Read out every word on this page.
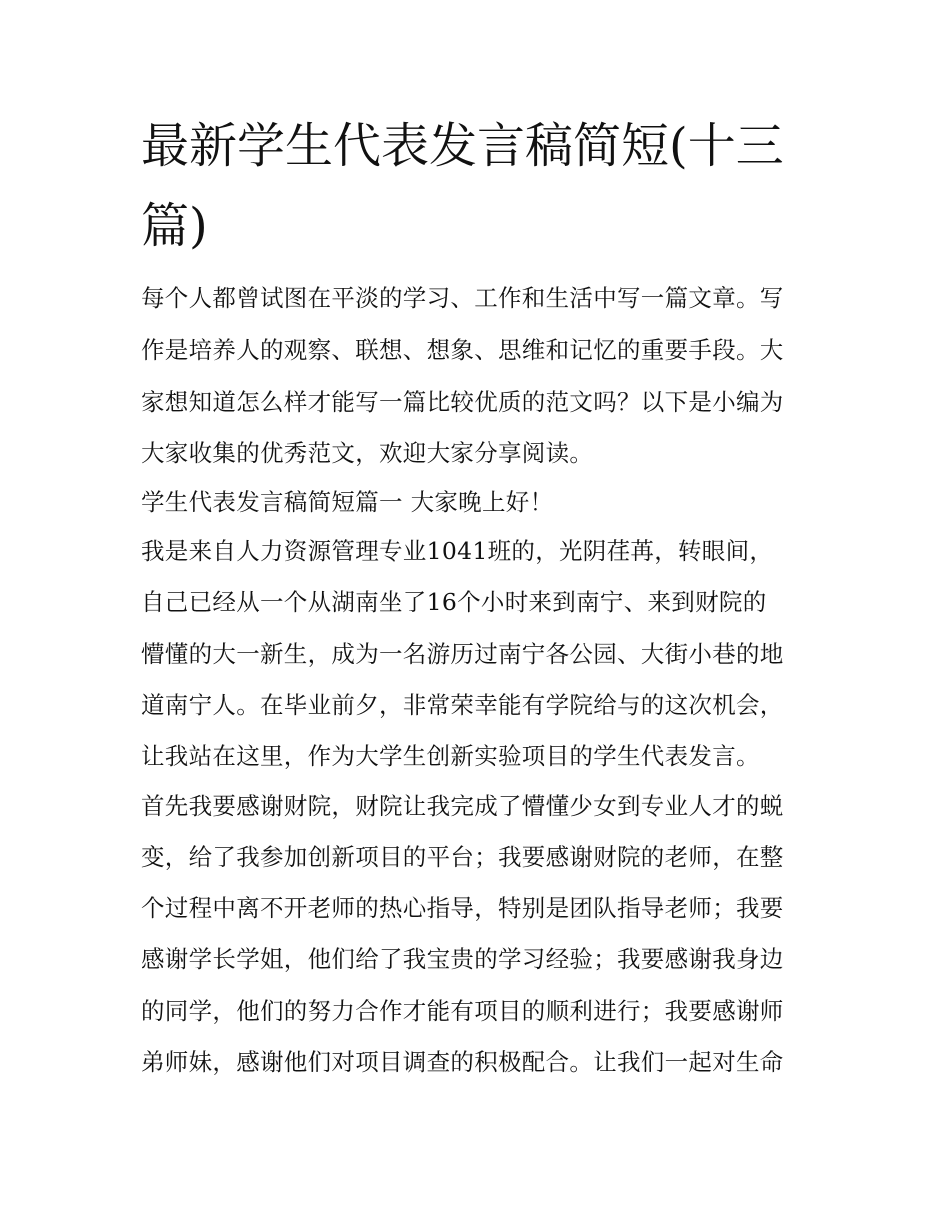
最新学生代表发言稿简短(十三
篇)
每个人都曾试图在平淡的学习、工作和生活中写一篇文章。写
作是培养人的观察、联想、想象、思维和记忆的重要手段。大
家想知道怎么样才能写一篇比较优质的范文吗？以下是小编为
大家收集的优秀范文，欢迎大家分享阅读。
学生代表发言稿简短篇一 大家晚上好！
我是来自人力资源管理专业1041班的，光阴荏苒，转眼间，
自己已经从一个从湖南坐了16个小时来到南宁、来到财院的
懵懂的大一新生，成为一名游历过南宁各公园、大街小巷的地
道南宁人。在毕业前夕，非常荣幸能有学院给与的这次机会，
让我站在这里，作为大学生创新实验项目的学生代表发言。
首先我要感谢财院，财院让我完成了懵懂少女到专业人才的蜕
变，给了我参加创新项目的平台；我要感谢财院的老师，在整
个过程中离不开老师的热心指导，特别是团队指导老师；我要
感谢学长学姐，他们给了我宝贵的学习经验；我要感谢我身边
的同学，他们的努力合作才能有项目的顺利进行；我要感谢师
弟师妹，感谢他们对项目调查的积极配合。让我们一起对生命
